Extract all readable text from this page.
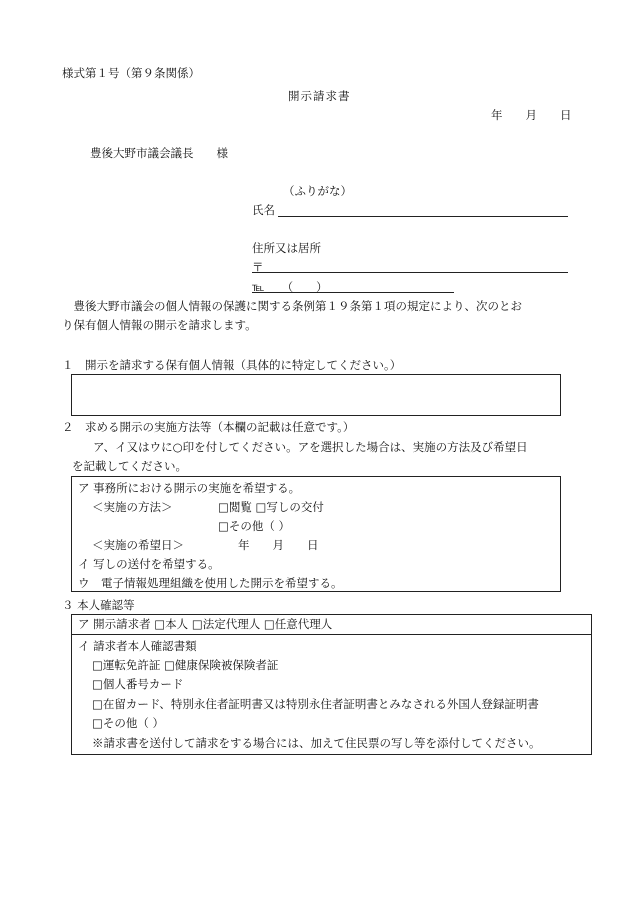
様式第１号（第９条関係）
開示請求書
年　　月　　日
豊後大野市議会議長　　様
（ふりがな）
氏名
住所又は居所
〒
℡　　（　　）
　豊後大野市議会の個人情報の保護に関する条例第１９条第１項の規定により、次のとお
り保有個人情報の開示を請求します。
１　開示を請求する保有個人情報（具体的に特定してください。）
２　求める開示の実施方法等（本欄の記載は任意です。）
ア、イ又はウに○印を付してください。アを選択した場合は、実施の方法及び希望日
を記載してください。
ア 事務所における開示の実施を希望する。
＜実施の方法＞	□閲覧 □写しの交付
□その他（ ）
＜実施の希望日＞	年　　月　　日
イ 写しの送付を希望する。
ウ　電子情報処理組織を使用した開示を希望する。
３ 本人確認等
ア 開示請求者 □本人 □法定代理人 □任意代理人
イ 請求者本人確認書類
□運転免許証 □健康保険被保険者証
□個人番号カード
□在留カード、特別永住者証明書又は特別永住者証明書とみなされる外国人登録証明書
□その他（ ）
※請求書を送付して請求をする場合には、加えて住民票の写し等を添付してください。
